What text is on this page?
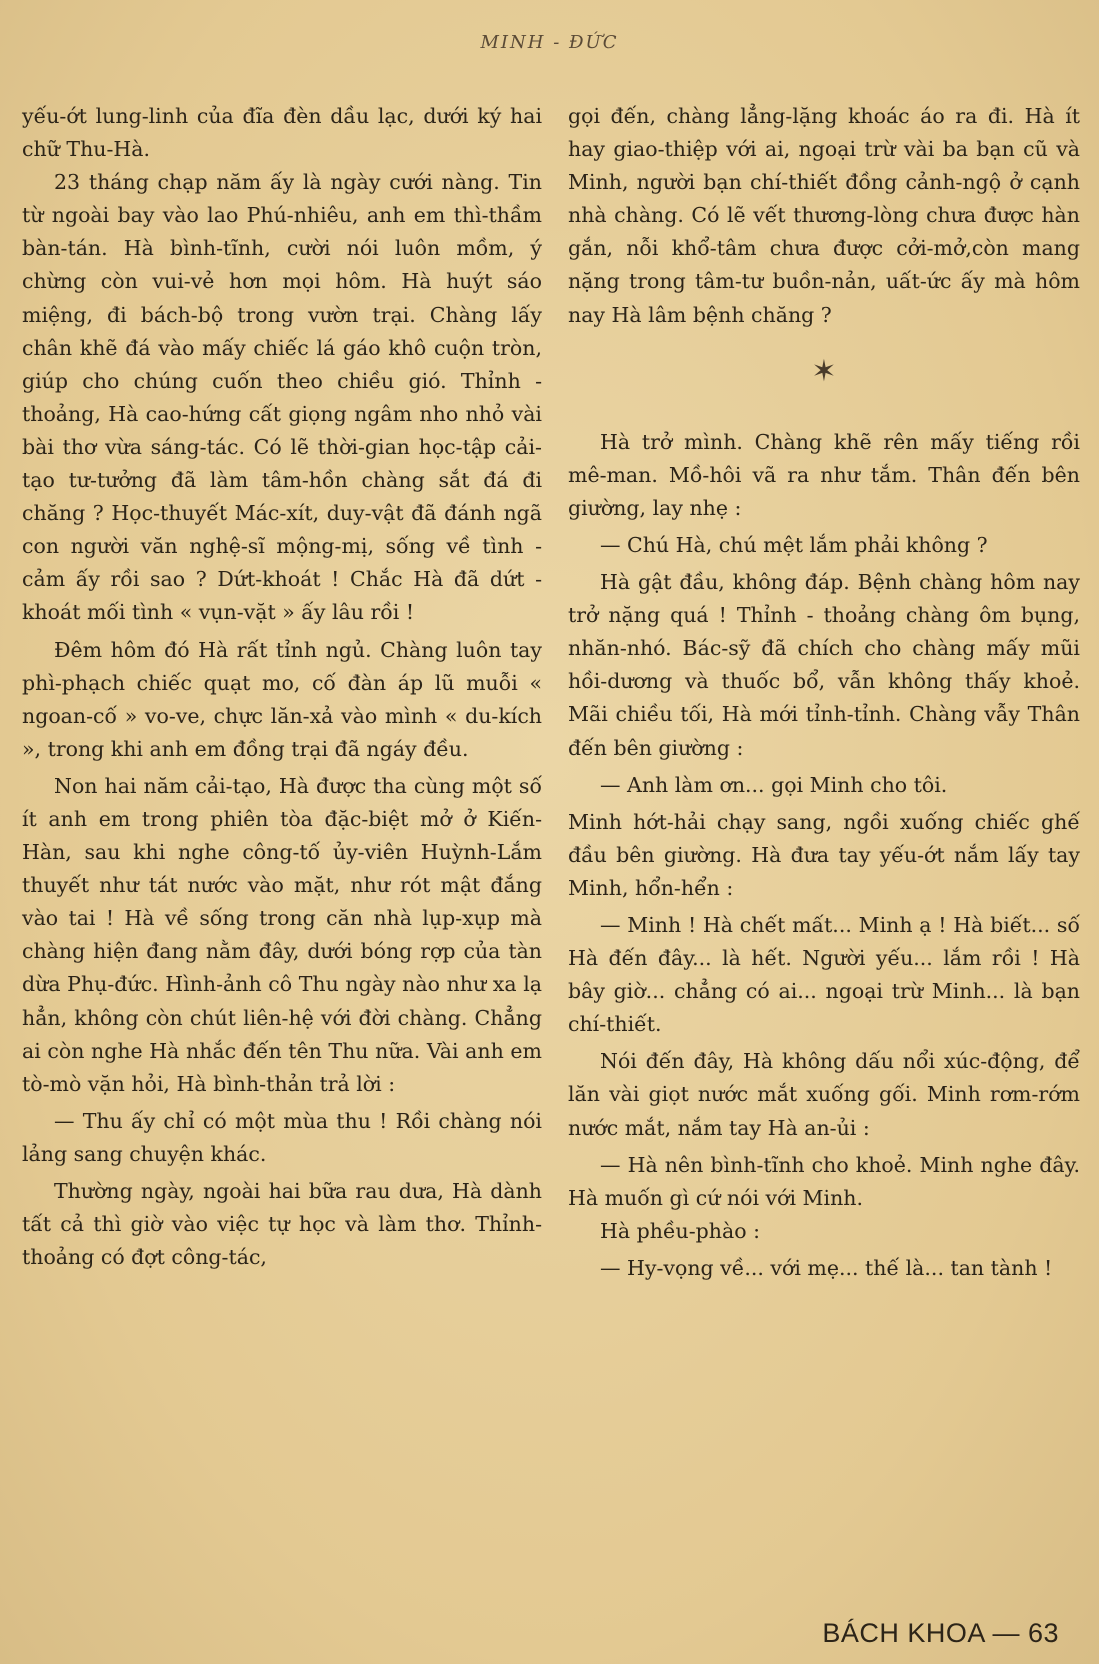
MINH - ĐỨC

yếu-ớt lung-linh của đĩa đèn dầu lạc, dưới ký hai chữ Thu-Hà.

23 tháng chạp năm ấy là ngày cưới nàng. Tin từ ngoài bay vào lao Phú-nhiêu, anh em thì-thầm bàn-tán. Hà bình-tĩnh, cười nói luôn mồm, ý chừng còn vui-vẻ hơn mọi hôm. Hà huýt sáo miệng, đi bách-bộ trong vườn trại. Chàng lấy chân khẽ đá vào mấy chiếc lá gáo khô cuộn tròn, giúp cho chúng cuốn theo chiều gió. Thỉnh - thoảng, Hà cao-hứng cất giọng ngâm nho nhỏ vài bài thơ vừa sáng-tác. Có lẽ thời-gian học-tập cải-tạo tư-tưởng đã làm tâm-hồn chàng sắt đá đi chăng ? Học-thuyết Mác-xít, duy-vật đã đánh ngã con người văn nghệ-sĩ mộng-mị, sống về tình - cảm ấy rồi sao ? Dứt-khoát ! Chắc Hà đã dứt - khoát mối tình « vụn-vặt » ấy lâu rồi !

Đêm hôm đó Hà rất tỉnh ngủ. Chàng luôn tay phì-phạch chiếc quạt mo, cố đàn áp lũ muỗi « ngoan-cố » vo-ve, chực lăn-xả vào mình « du-kích », trong khi anh em đồng trại đã ngáy đều.

Non hai năm cải-tạo, Hà được tha cùng một số ít anh em trong phiên tòa đặc-biệt mở ở Kiến-Hàn, sau khi nghe công-tố ủy-viên Huỳnh-Lắm thuyết như tát nước vào mặt, như rót mật đắng vào tai ! Hà về sống trong căn nhà lụp-xụp mà chàng hiện đang nằm đây, dưới bóng rợp của tàn dừa Phụ-đức. Hình-ảnh cô Thu ngày nào như xa lạ hẳn, không còn chút liên-hệ với đời chàng. Chẳng ai còn nghe Hà nhắc đến tên Thu nữa. Vài anh em tò-mò vặn hỏi, Hà bình-thản trả lời :

— Thu ấy chỉ có một mùa thu ! Rồi chàng nói lảng sang chuyện khác.

Thường ngày, ngoài hai bữa rau dưa, Hà dành tất cả thì giờ vào việc tự học và làm thơ. Thỉnh-thoảng có đợt công-tác,

gọi đến, chàng lẳng-lặng khoác áo ra đi. Hà ít hay giao-thiệp với ai, ngoại trừ vài ba bạn cũ và Minh, người bạn chí-thiết đồng cảnh-ngộ ở cạnh nhà chàng. Có lẽ vết thương-lòng chưa được hàn gắn, nỗi khổ-tâm chưa được cởi-mở,còn mang nặng trong tâm-tư buồn-nản, uất-ức ấy mà hôm nay Hà lâm bệnh chăng ?

✶

Hà trở mình. Chàng khẽ rên mấy tiếng rồi mê-man. Mồ-hôi vã ra như tắm. Thân đến bên giường, lay nhẹ :

— Chú Hà, chú mệt lắm phải không ?

Hà gật đầu, không đáp. Bệnh chàng hôm nay trở nặng quá ! Thỉnh - thoảng chàng ôm bụng, nhăn-nhó. Bác-sỹ đã chích cho chàng mấy mũi hồi-dương và thuốc bổ, vẫn không thấy khoẻ. Mãi chiều tối, Hà mới tỉnh-tỉnh. Chàng vẫy Thân đến bên giường :

— Anh làm ơn... gọi Minh cho tôi.

Minh hớt-hải chạy sang, ngồi xuống chiếc ghế đầu bên giường. Hà đưa tay yếu-ớt nắm lấy tay Minh, hổn-hển :

— Minh ! Hà chết mất... Minh ạ ! Hà biết... số Hà đến đây... là hết. Người yếu... lắm rồi ! Hà bây giờ... chẳng có ai... ngoại trừ Minh... là bạn chí-thiết.

Nói đến đây, Hà không dấu nổi xúc-động, để lăn vài giọt nước mắt xuống gối. Minh rơm-rớm nước mắt, nắm tay Hà an-ủi :

— Hà nên bình-tĩnh cho khoẻ. Minh nghe đây. Hà muốn gì cứ nói với Minh.

Hà phều-phào :

— Hy-vọng về... với mẹ... thế là... tan tành !

BÁCH KHOA — 63
